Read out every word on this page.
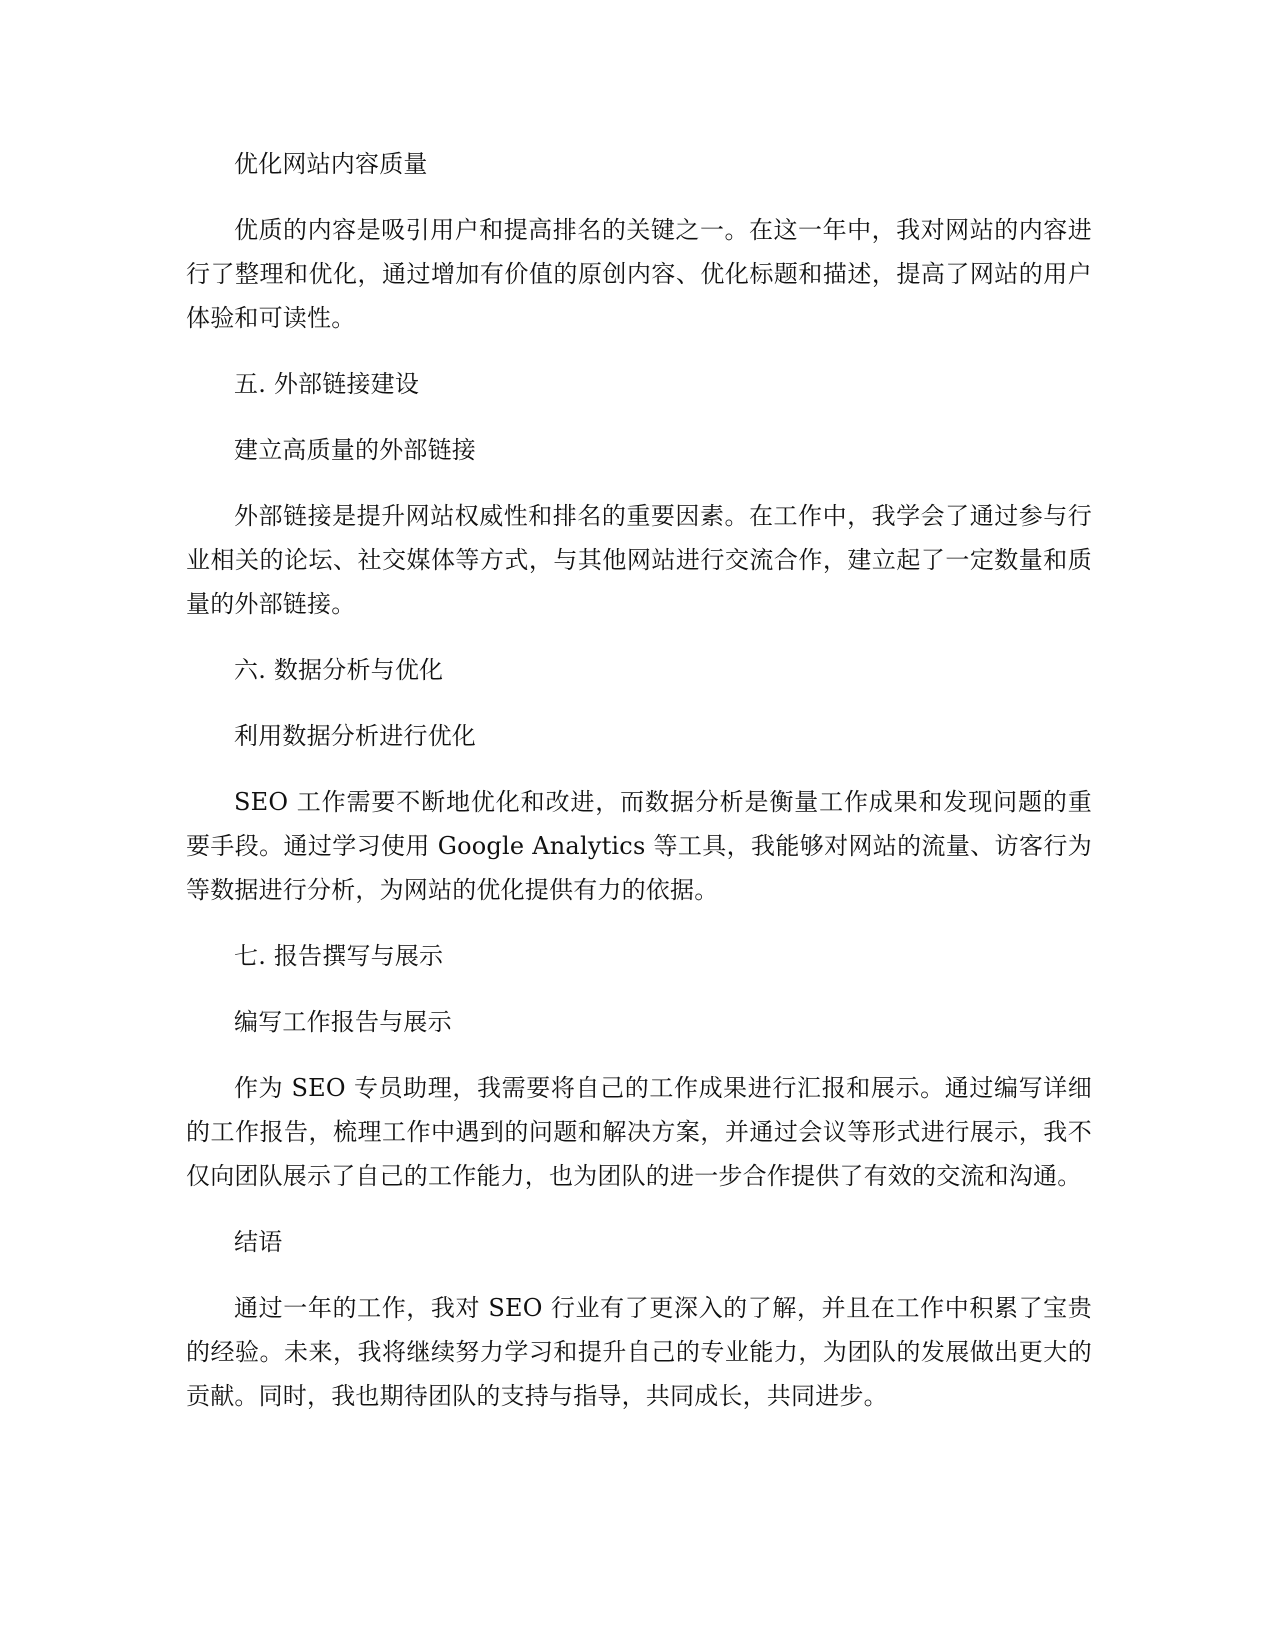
优化网站内容质量

优质的内容是吸引用户和提高排名的关键之一。在这一年中，我对网站的内容进行了整理和优化，通过增加有价值的原创内容、优化标题和描述，提高了网站的用户体验和可读性。

五. 外部链接建设

建立高质量的外部链接

外部链接是提升网站权威性和排名的重要因素。在工作中，我学会了通过参与行业相关的论坛、社交媒体等方式，与其他网站进行交流合作，建立起了一定数量和质量的外部链接。

六. 数据分析与优化

利用数据分析进行优化

SEO 工作需要不断地优化和改进，而数据分析是衡量工作成果和发现问题的重要手段。通过学习使用 Google Analytics 等工具，我能够对网站的流量、访客行为等数据进行分析，为网站的优化提供有力的依据。

七. 报告撰写与展示

编写工作报告与展示

作为 SEO 专员助理，我需要将自己的工作成果进行汇报和展示。通过编写详细的工作报告，梳理工作中遇到的问题和解决方案，并通过会议等形式进行展示，我不仅向团队展示了自己的工作能力，也为团队的进一步合作提供了有效的交流和沟通。

结语

通过一年的工作，我对 SEO 行业有了更深入的了解，并且在工作中积累了宝贵的经验。未来，我将继续努力学习和提升自己的专业能力，为团队的发展做出更大的贡献。同时，我也期待团队的支持与指导，共同成长，共同进步。
